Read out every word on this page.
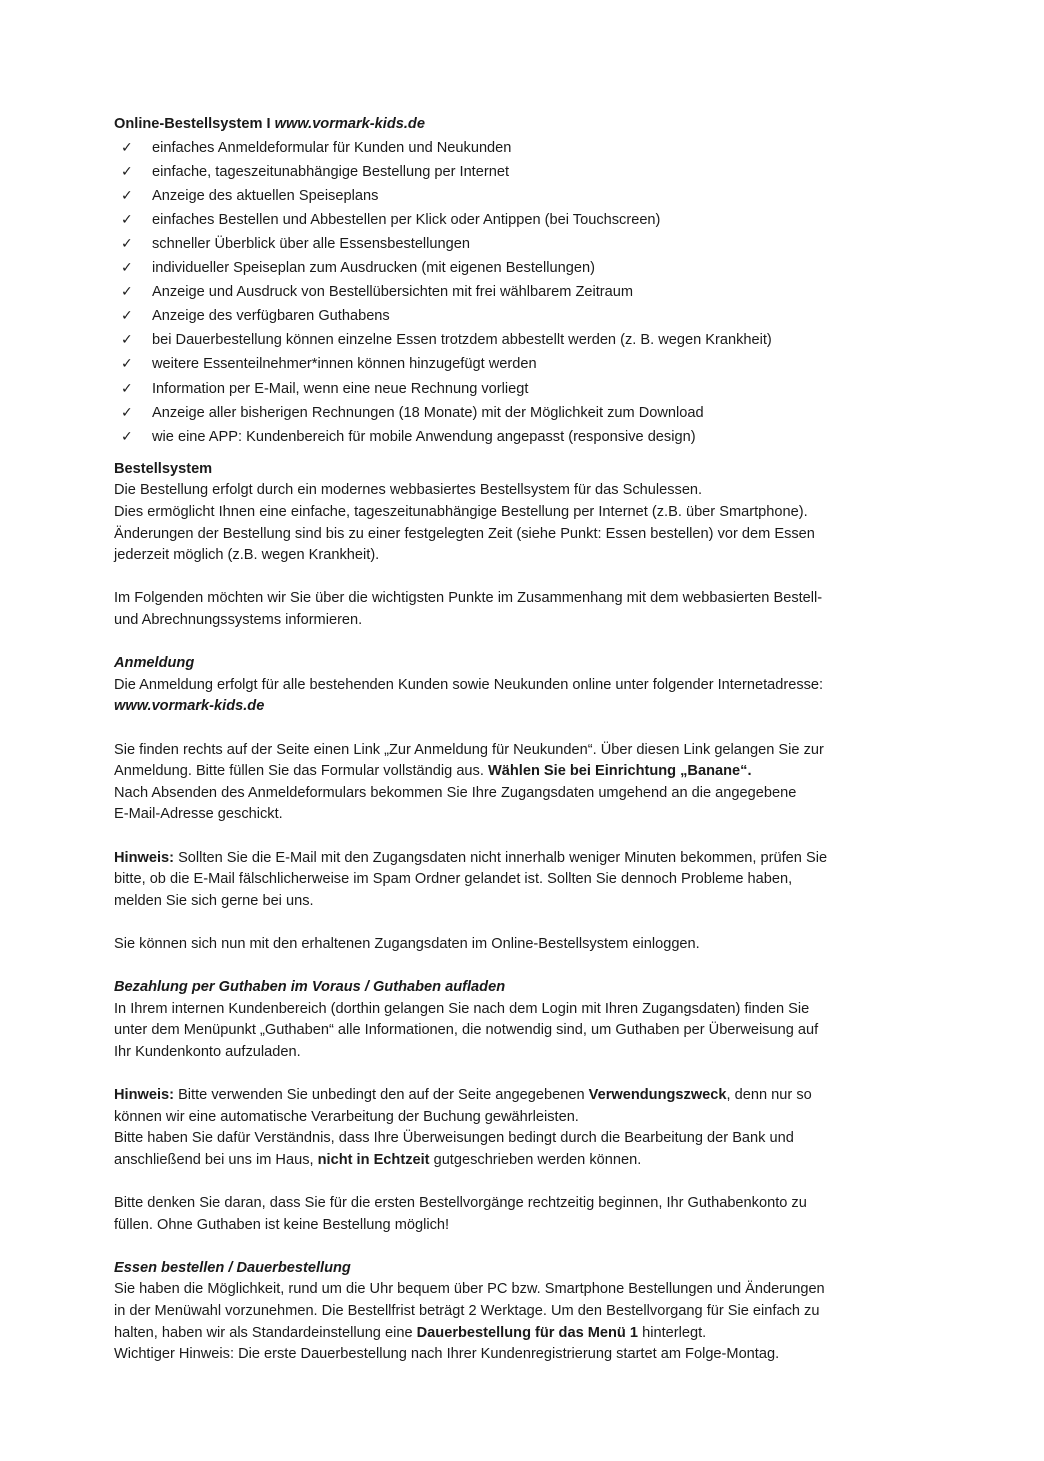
Online-Bestellsystem I www.vormark-kids.de
✓ einfaches Anmeldeformular für Kunden und Neukunden
✓ einfache, tageszeitunabhängige Bestellung per Internet
✓ Anzeige des aktuellen Speiseplans
✓ einfaches Bestellen und Abbestellen per Klick oder Antippen (bei Touchscreen)
✓ schneller Überblick über alle Essensbestellungen
✓ individueller Speiseplan zum Ausdrucken (mit eigenen Bestellungen)
✓ Anzeige und Ausdruck von Bestellübersichten mit frei wählbarem Zeitraum
✓ Anzeige des verfügbaren Guthabens
✓ bei Dauerbestellung können einzelne Essen trotzdem abbestellt werden (z. B. wegen Krankheit)
✓ weitere Essenteilnehmer*innen können hinzugefügt werden
✓ Information per E-Mail, wenn eine neue Rechnung vorliegt
✓ Anzeige aller bisherigen Rechnungen (18 Monate) mit der Möglichkeit zum Download
✓ wie eine APP: Kundenbereich für mobile Anwendung angepasst (responsive design)
Bestellsystem
Die Bestellung erfolgt durch ein modernes webbasiertes Bestellsystem für das Schulessen.
Dies ermöglicht Ihnen eine einfache, tageszeitunabhängige Bestellung per Internet (z.B. über Smartphone).
Änderungen der Bestellung sind bis zu einer festgelegten Zeit (siehe Punkt: Essen bestellen) vor dem Essen
jederzeit möglich (z.B. wegen Krankheit).
Im Folgenden möchten wir Sie über die wichtigsten Punkte im Zusammenhang mit dem webbasierten Bestell-
und Abrechnungssystems informieren.
Anmeldung
Die Anmeldung erfolgt für alle bestehenden Kunden sowie Neukunden online unter folgender Internetadresse:
www.vormark-kids.de
Sie finden rechts auf der Seite einen Link „Zur Anmeldung für Neukunden“. Über diesen Link gelangen Sie zur
Anmeldung. Bitte füllen Sie das Formular vollständig aus. Wählen Sie bei Einrichtung „Banane“.
Nach Absenden des Anmeldeformulars bekommen Sie Ihre Zugangsdaten umgehend an die angegebene
E-Mail-Adresse geschickt.
Hinweis: Sollten Sie die E-Mail mit den Zugangsdaten nicht innerhalb weniger Minuten bekommen, prüfen Sie
bitte, ob die E-Mail fälschlicherweise im Spam Ordner gelandet ist. Sollten Sie dennoch Probleme haben,
melden Sie sich gerne bei uns.
Sie können sich nun mit den erhaltenen Zugangsdaten im Online-Bestellsystem einloggen.
Bezahlung per Guthaben im Voraus / Guthaben aufladen
In Ihrem internen Kundenbereich (dorthin gelangen Sie nach dem Login mit Ihren Zugangsdaten) finden Sie
unter dem Menüpunkt „Guthaben“ alle Informationen, die notwendig sind, um Guthaben per Überweisung auf
Ihr Kundenkonto aufzuladen.
Hinweis: Bitte verwenden Sie unbedingt den auf der Seite angegebenen Verwendungszweck, denn nur so
können wir eine automatische Verarbeitung der Buchung gewährleisten.
Bitte haben Sie dafür Verständnis, dass Ihre Überweisungen bedingt durch die Bearbeitung der Bank und
anschließend bei uns im Haus, nicht in Echtzeit gutgeschrieben werden können.
Bitte denken Sie daran, dass Sie für die ersten Bestellvorgänge rechtzeitig beginnen, Ihr Guthabenkonto zu
füllen. Ohne Guthaben ist keine Bestellung möglich!
Essen bestellen / Dauerbestellung
Sie haben die Möglichkeit, rund um die Uhr bequem über PC bzw. Smartphone Bestellungen und Änderungen
in der Menüwahl vorzunehmen. Die Bestellfrist beträgt 2 Werktage. Um den Bestellvorgang für Sie einfach zu
halten, haben wir als Standardeinstellung eine Dauerbestellung für das Menü 1 hinterlegt.
Wichtiger Hinweis: Die erste Dauerbestellung nach Ihrer Kundenregistrierung startet am Folge-Montag.
